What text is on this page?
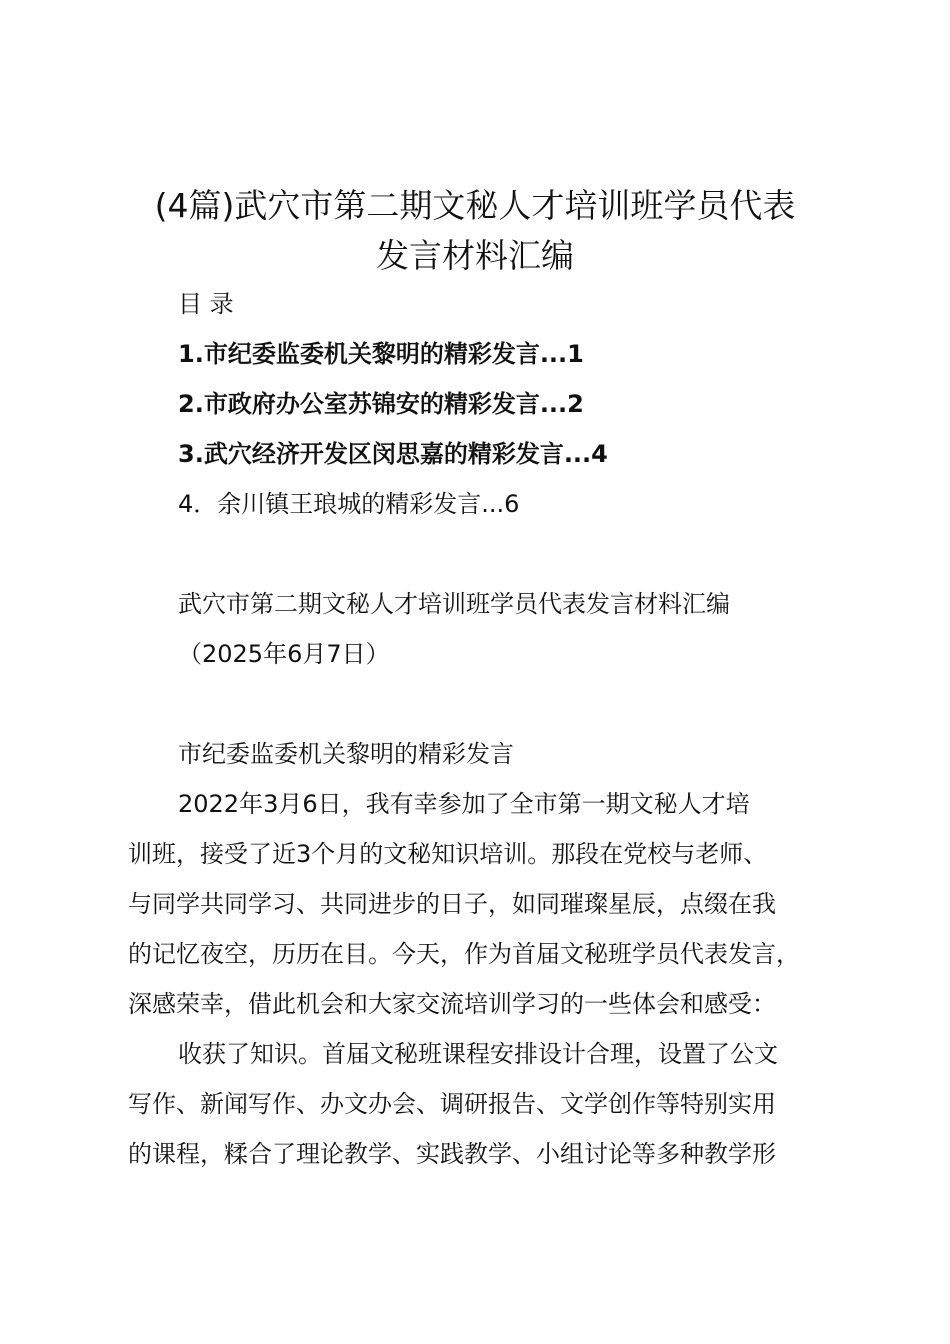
(4篇)武穴市第二期文秘人才培训班学员代表
发言材料汇编
目 录
1.市纪委监委机关黎明的精彩发言...1
2.市政府办公室苏锦安的精彩发言...2
3.武穴经济开发区闵思嘉的精彩发言...4
4．余川镇王琅城的精彩发言...6
武穴市第二期文秘人才培训班学员代表发言材料汇编
（2025年6月7日）
市纪委监委机关黎明的精彩发言
2022年3月6日，我有幸参加了全市第一期文秘人才培
训班，接受了近3个月的文秘知识培训。那段在党校与老师、
与同学共同学习、共同进步的日子，如同璀璨星辰，点缀在我
的记忆夜空，历历在目。今天，作为首届文秘班学员代表发言，
深感荣幸，借此机会和大家交流培训学习的一些体会和感受：
收获了知识。首届文秘班课程安排设计合理，设置了公文
写作、新闻写作、办文办会、调研报告、文学创作等特别实用
的课程，糅合了理论教学、实践教学、小组讨论等多种教学形
